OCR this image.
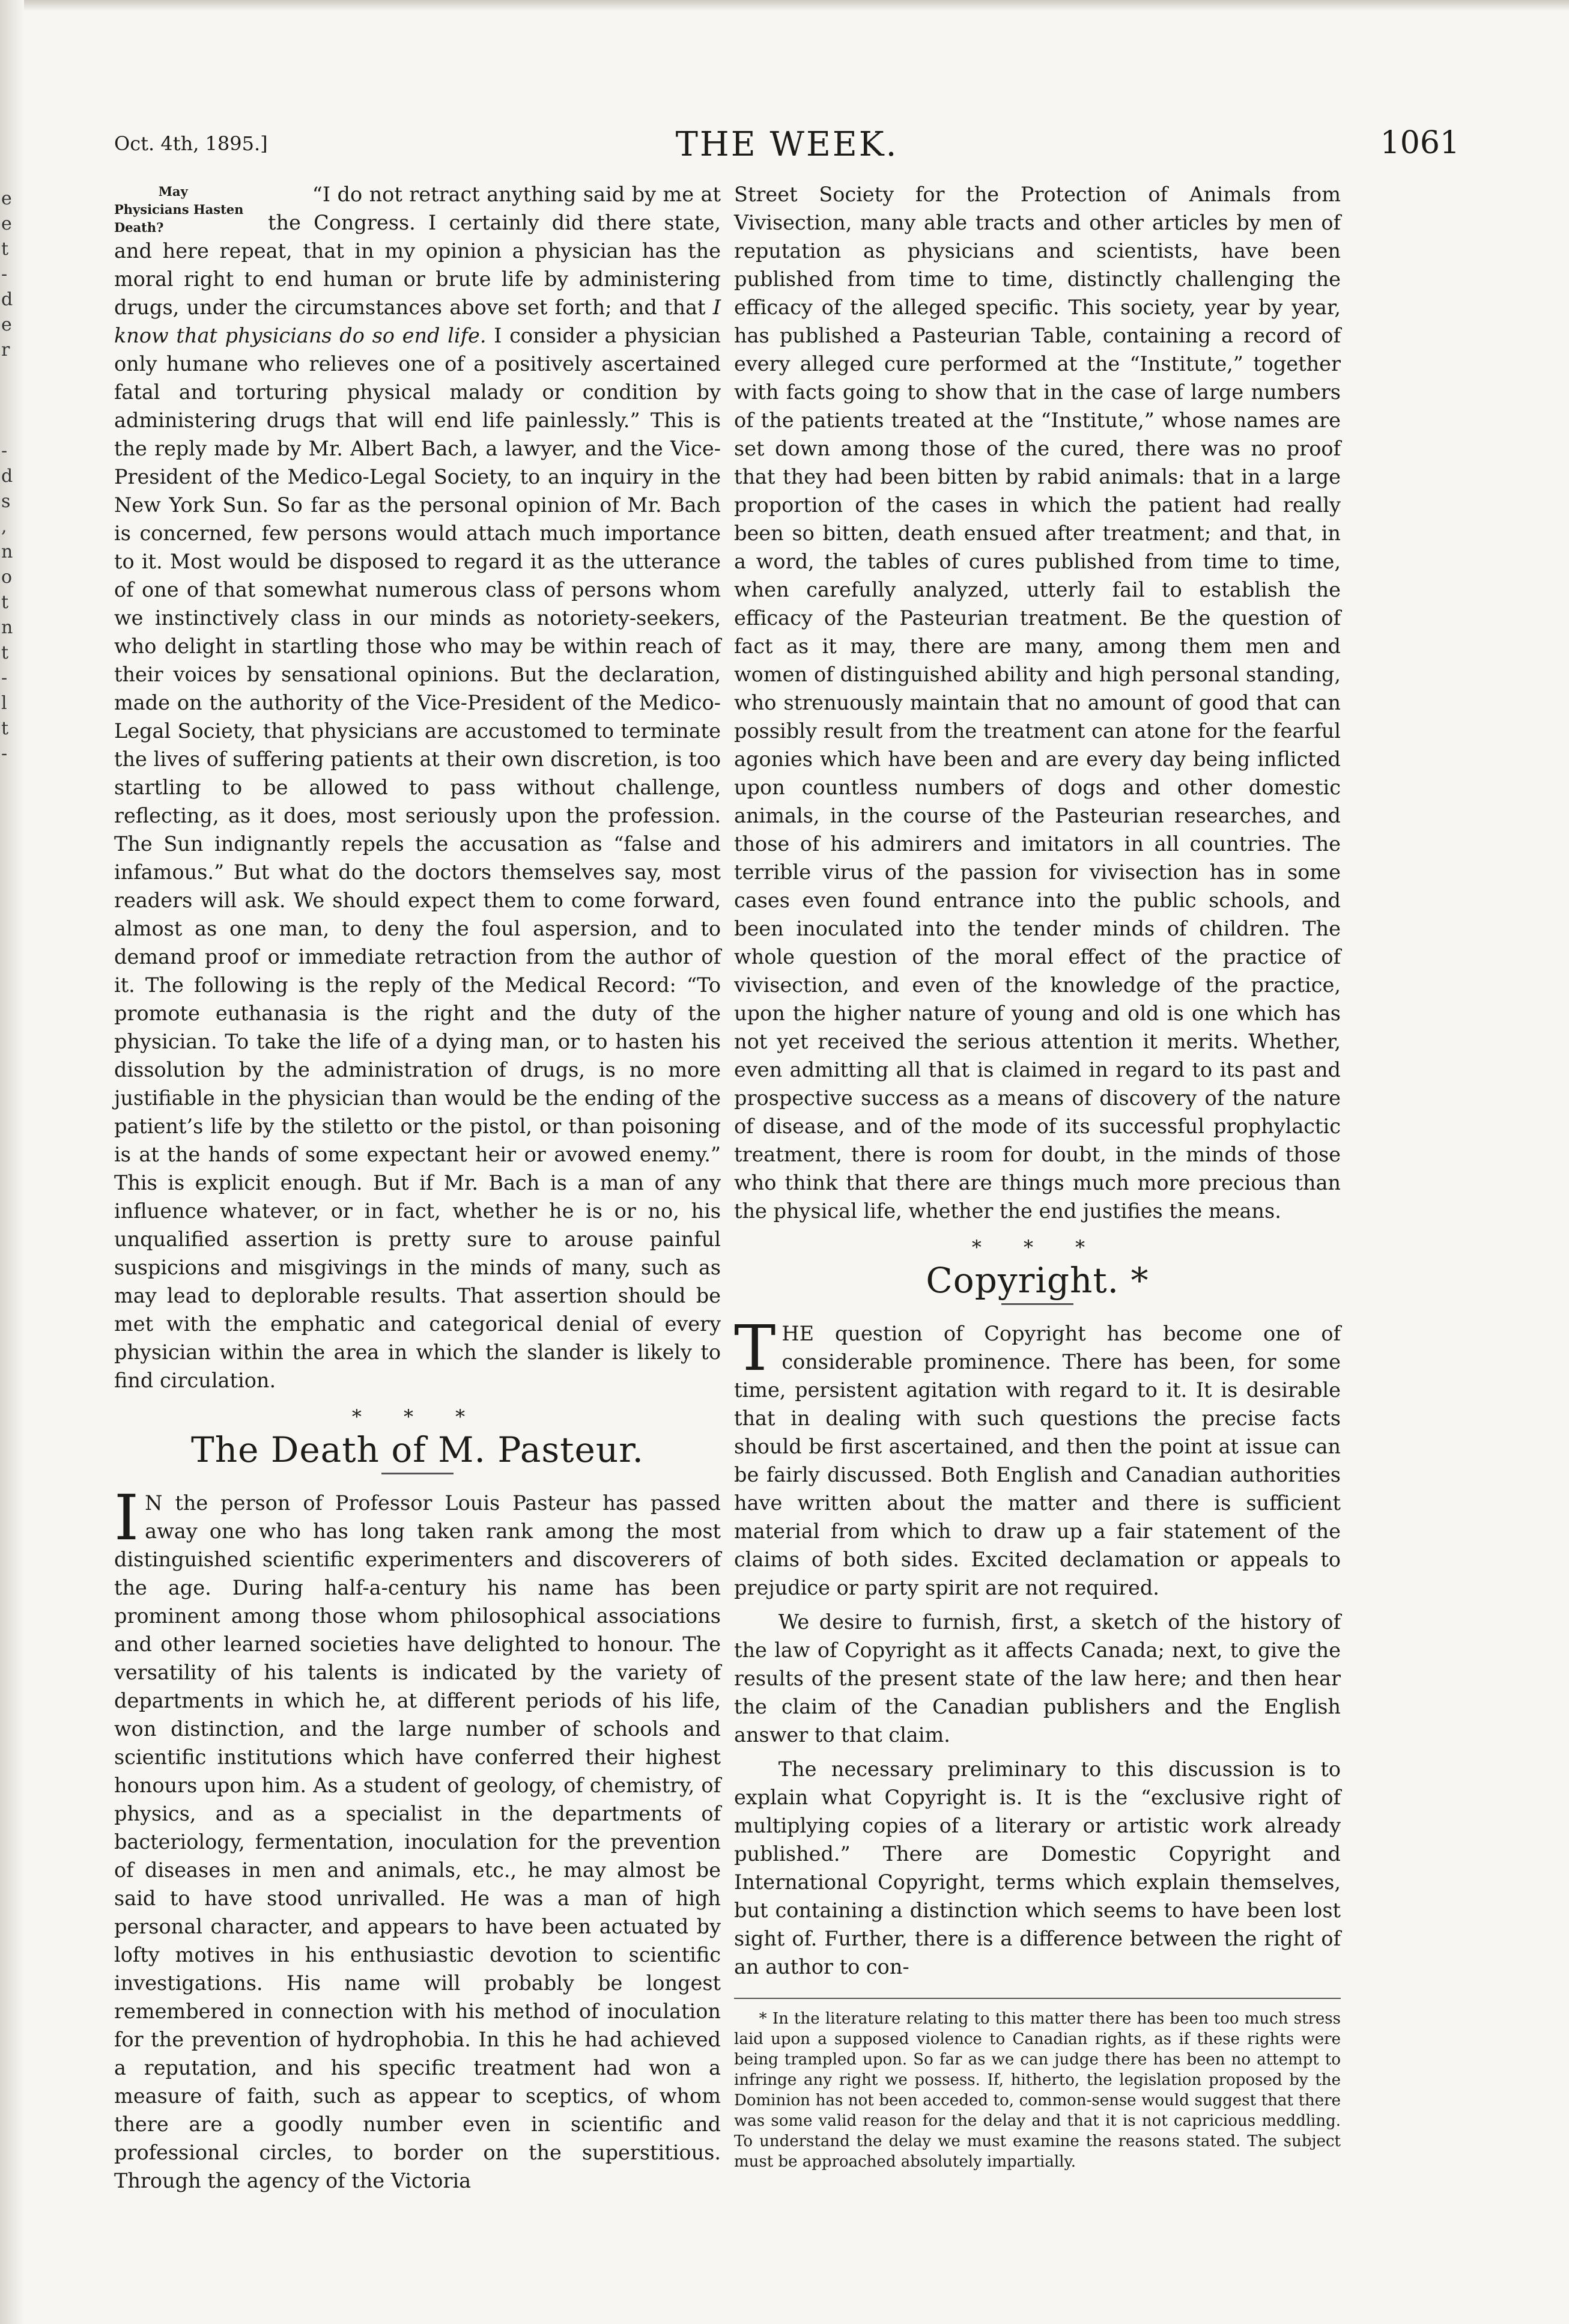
e
e
t
-
d
e
r

-
d
s
,
n
o
t
n
t
-
l
t
-
Oct. 4th, 1895.]	THE WEEK.	1061

May Physicians Hasten Death?
“I do not retract anything said by me at the Congress. I certainly did there state, and here repeat, that in my opinion a physician has the moral right to end human or brute life by administering drugs, under the circumstances above set forth; and that I know that physicians do so end life. I consider a physician only humane who relieves one of a positively ascertained fatal and torturing physical malady or condition by administering drugs that will end life painlessly.” This is the reply made by Mr. Albert Bach, a lawyer, and the Vice-President of the Medico-Legal Society, to an inquiry in the New York Sun. So far as the personal opinion of Mr. Bach is concerned, few persons would attach much importance to it. Most would be disposed to regard it as the utterance of one of that somewhat numerous class of persons whom we instinctively class in our minds as notoriety-seekers, who delight in startling those who may be within reach of their voices by sensational opinions. But the declaration, made on the authority of the Vice-President of the Medico-Legal Society, that physicians are accustomed to terminate the lives of suffering patients at their own discretion, is too startling to be allowed to pass without challenge, reflecting, as it does, most seriously upon the profession. The Sun indignantly repels the accusation as “false and infamous.” But what do the doctors themselves say, most readers will ask. We should expect them to come forward, almost as one man, to deny the foul aspersion, and to demand proof or immediate retraction from the author of it. The following is the reply of the Medical Record: “To promote euthanasia is the right and the duty of the physician. To take the life of a dying man, or to hasten his dissolution by the administration of drugs, is no more justifiable in the physician than would be the ending of the patient’s life by the stiletto or the pistol, or than poisoning is at the hands of some expectant heir or avowed enemy.” This is explicit enough. But if Mr. Bach is a man of any influence whatever, or in fact, whether he is or no, his unqualified assertion is pretty sure to arouse painful suspicions and misgivings in the minds of many, such as may lead to deplorable results. That assertion should be met with the emphatic and categorical denial of every physician within the area in which the slander is likely to find circulation.

* * *
The Death of M. Pasteur.

I N the person of Professor Louis Pasteur has passed away one who has long taken rank among the most distinguished scientific experimenters and discoverers of the age. During half-a-century his name has been prominent among those whom philosophical associations and other learned societies have delighted to honour. The versatility of his talents is indicated by the variety of departments in which he, at different periods of his life, won distinction, and the large number of schools and scientific institutions which have conferred their highest honours upon him. As a student of geology, of chemistry, of physics, and as a specialist in the departments of bacteriology, fermentation, inoculation for the prevention of diseases in men and animals, etc., he may almost be said to have stood unrivalled. He was a man of high personal character, and appears to have been actuated by lofty motives in his enthusiastic devotion to scientific investigations. His name will probably be longest remembered in connection with his method of inoculation for the prevention of hydrophobia. In this he had achieved a reputation, and his specific treatment had won a measure of faith, such as appear to sceptics, of whom there are a goodly number even in scientific and professional circles, to border on the superstitious. Through the agency of the Victoria

Street Society for the Protection of Animals from Vivisection, many able tracts and other articles by men of reputation as physicians and scientists, have been published from time to time, distinctly challenging the efficacy of the alleged specific. This society, year by year, has published a Pasteurian Table, containing a record of every alleged cure performed at the “Institute,” together with facts going to show that in the case of large numbers of the patients treated at the “Institute,” whose names are set down among those of the cured, there was no proof that they had been bitten by rabid animals: that in a large proportion of the cases in which the patient had really been so bitten, death ensued after treatment; and that, in a word, the tables of cures published from time to time, when carefully analyzed, utterly fail to establish the efficacy of the Pasteurian treatment. Be the question of fact as it may, there are many, among them men and women of distinguished ability and high personal standing, who strenuously maintain that no amount of good that can possibly result from the treatment can atone for the fearful agonies which have been and are every day being inflicted upon countless numbers of dogs and other domestic animals, in the course of the Pasteurian researches, and those of his admirers and imitators in all countries. The terrible virus of the passion for vivisection has in some cases even found entrance into the public schools, and been inoculated into the tender minds of children. The whole question of the moral effect of the practice of vivisection, and even of the knowledge of the practice, upon the higher nature of young and old is one which has not yet received the serious attention it merits. Whether, even admitting all that is claimed in regard to its past and prospective success as a means of discovery of the nature of disease, and of the mode of its successful prophylactic treatment, there is room for doubt, in the minds of those who think that there are things much more precious than the physical life, whether the end justifies the means.

* * *
Copyright. *

THE question of Copyright has become one of considerable prominence. There has been, for some time, persistent agitation with regard to it. It is desirable that in dealing with such questions the precise facts should be first ascertained, and then the point at issue can be fairly discussed. Both English and Canadian authorities have written about the matter and there is sufficient material from which to draw up a fair statement of the claims of both sides. Excited declamation or appeals to prejudice or party spirit are not required.

We desire to furnish, first, a sketch of the history of the law of Copyright as it affects Canada; next, to give the results of the present state of the law here; and then hear the claim of the Canadian publishers and the English answer to that claim.

The necessary preliminary to this discussion is to explain what Copyright is. It is the “exclusive right of multiplying copies of a literary or artistic work already published.” There are Domestic Copyright and International Copyright, terms which explain themselves, but containing a distinction which seems to have been lost sight of. Further, there is a difference between the right of an author to con-

* In the literature relating to this matter there has been too much stress laid upon a supposed violence to Canadian rights, as if these rights were being trampled upon. So far as we can judge there has been no attempt to infringe any right we possess. If, hitherto, the legislation proposed by the Dominion has not been acceded to, common-sense would suggest that there was some valid reason for the delay and that it is not capricious meddling. To understand the delay we must examine the reasons stated. The subject must be approached absolutely impartially.
